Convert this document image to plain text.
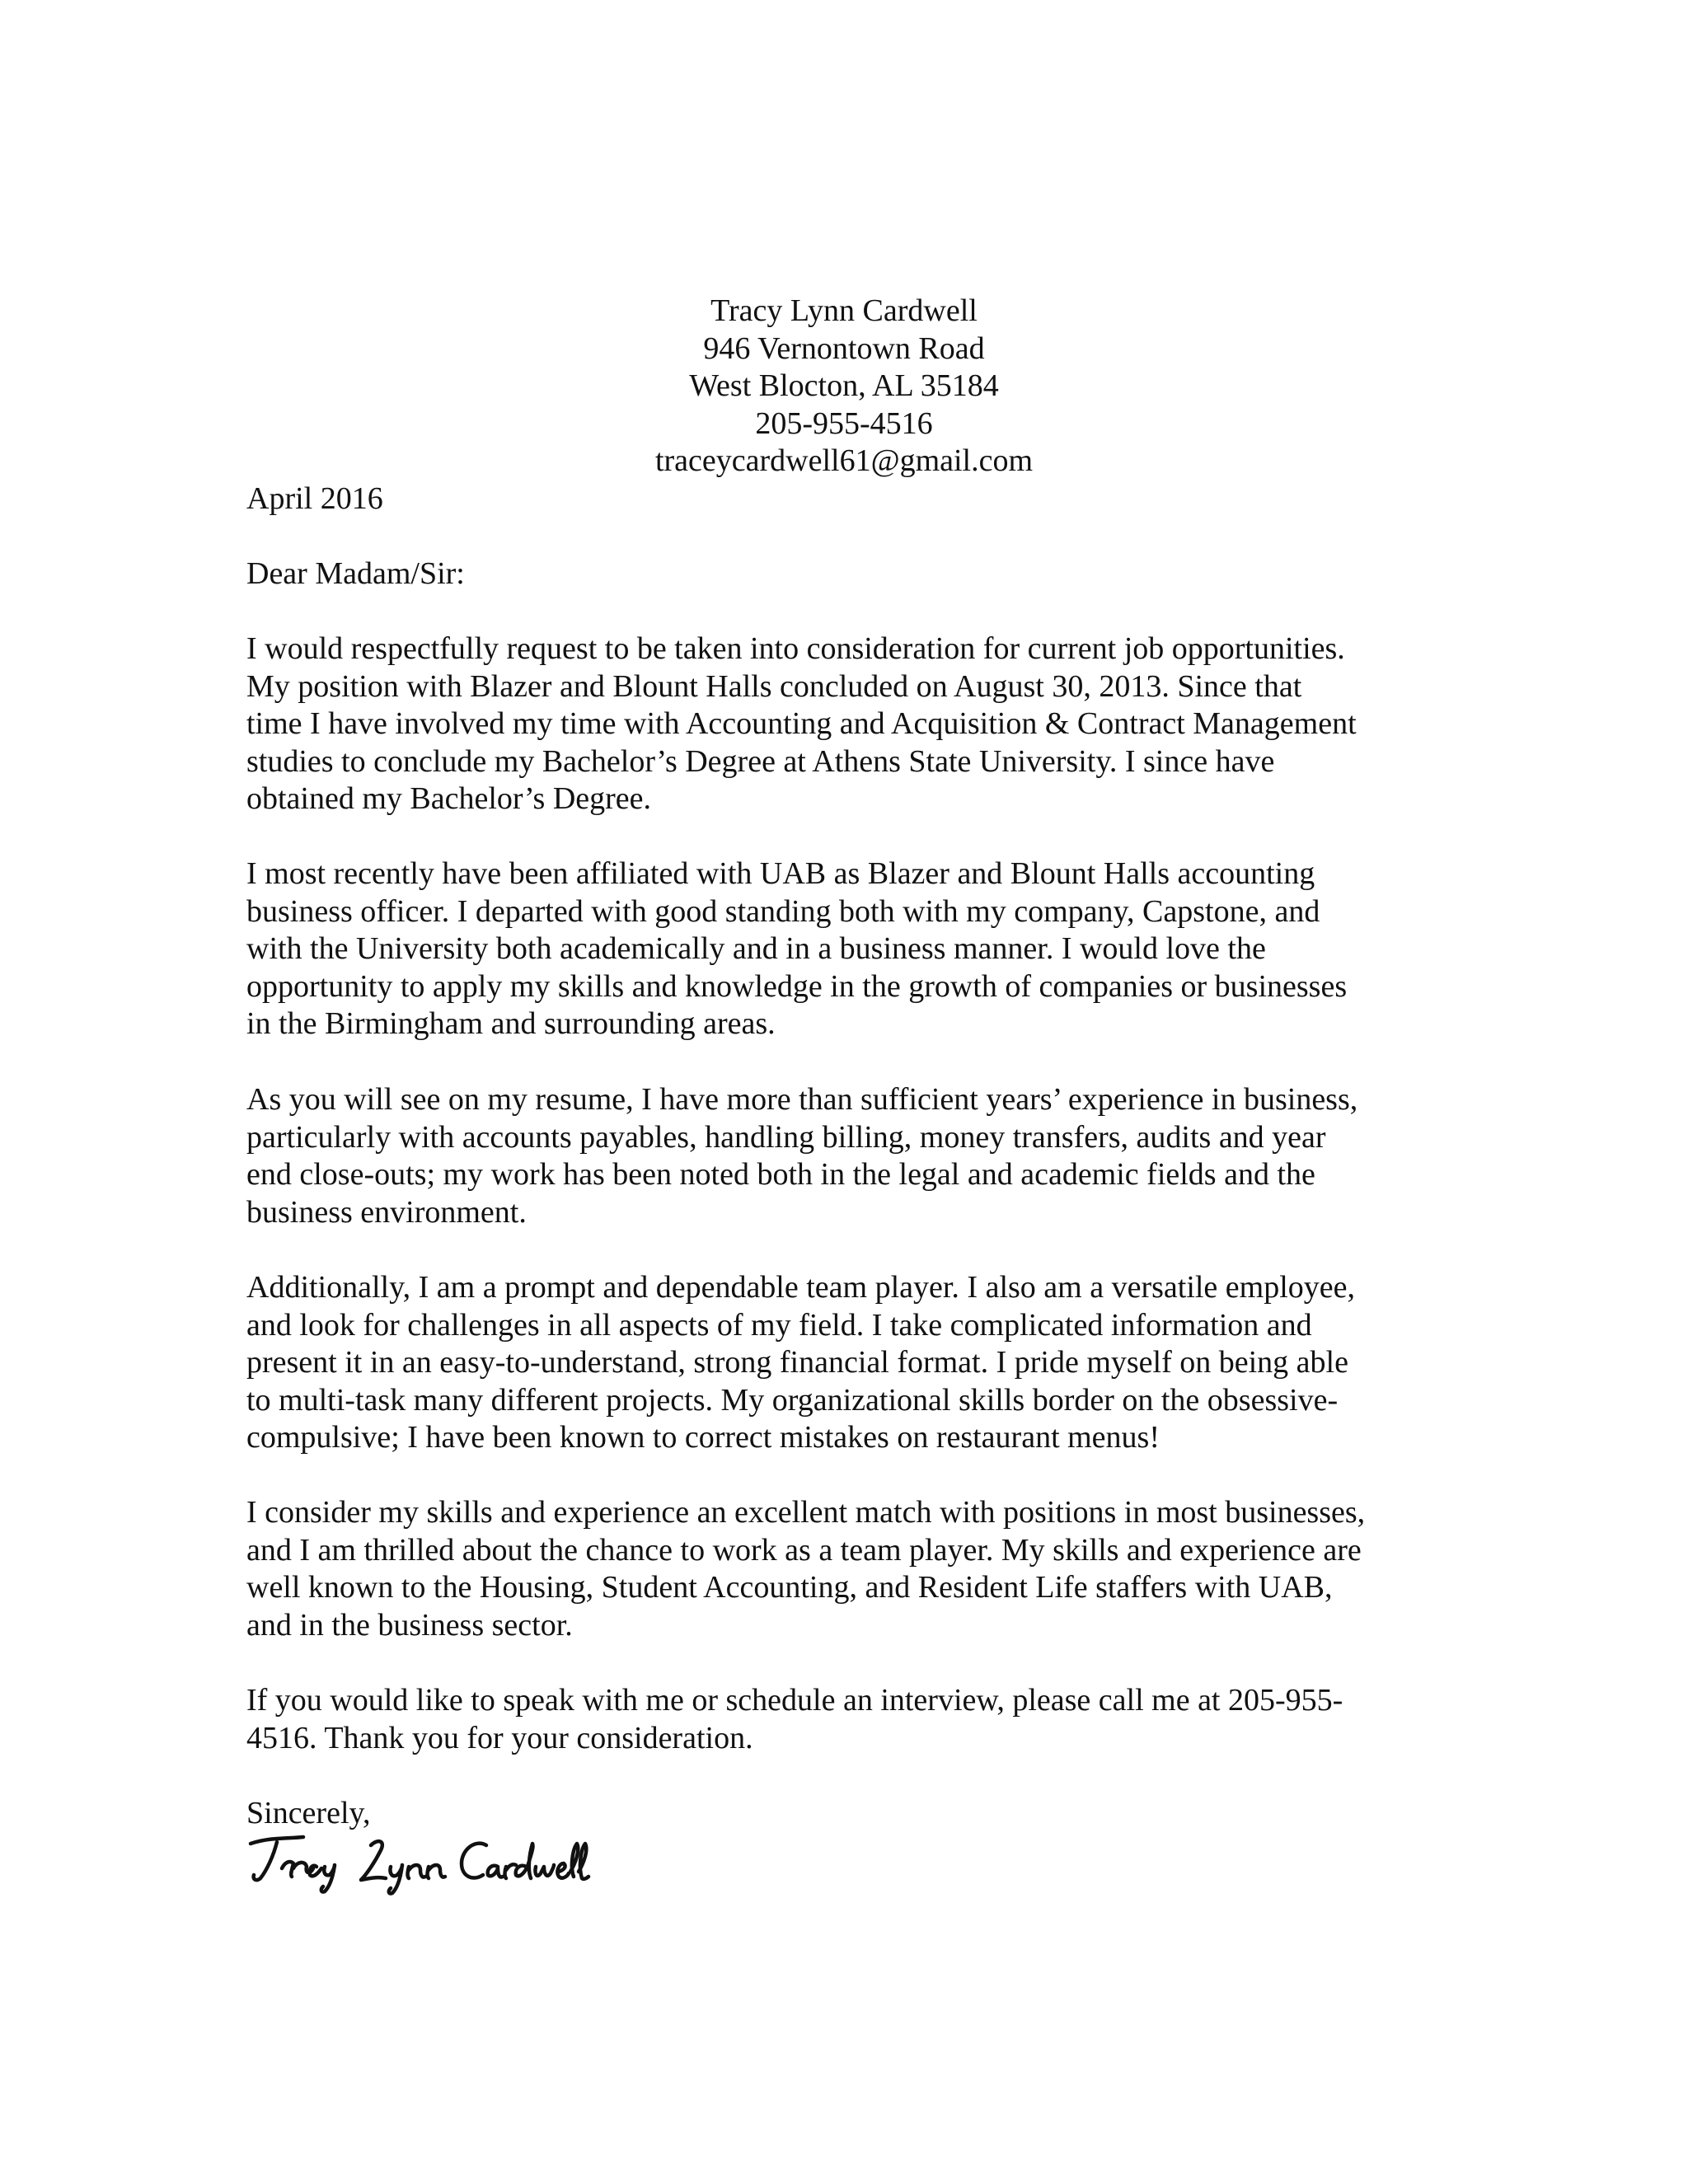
Tracy Lynn Cardwell
946 Vernontown Road
West Blocton, AL 35184
205-955-4516
traceycardwell61@gmail.com
April 2016
Dear Madam/Sir:
I would respectfully request to be taken into consideration for current job opportunities.
My position with Blazer and Blount Halls concluded on August 30, 2013. Since that
time I have involved my time with Accounting and Acquisition & Contract Management
studies to conclude my Bachelor’s Degree at Athens State University. I since have
obtained my Bachelor’s Degree.
I most recently have been affiliated with UAB as Blazer and Blount Halls accounting
business officer. I departed with good standing both with my company, Capstone, and
with the University both academically and in a business manner. I would love the
opportunity to apply my skills and knowledge in the growth of companies or businesses
in the Birmingham and surrounding areas.
As you will see on my resume, I have more than sufficient years’ experience in business,
particularly with accounts payables, handling billing, money transfers, audits and year
end close-outs; my work has been noted both in the legal and academic fields and the
business environment.
Additionally, I am a prompt and dependable team player. I also am a versatile employee,
and look for challenges in all aspects of my field. I take complicated information and
present it in an easy-to-understand, strong financial format. I pride myself on being able
to multi-task many different projects. My organizational skills border on the obsessive-
compulsive; I have been known to correct mistakes on restaurant menus!
I consider my skills and experience an excellent match with positions in most businesses,
and I am thrilled about the chance to work as a team player. My skills and experience are
well known to the Housing, Student Accounting, and Resident Life staffers with UAB,
and in the business sector.
If you would like to speak with me or schedule an interview, please call me at 205-955-
4516. Thank you for your consideration.
Sincerely,
